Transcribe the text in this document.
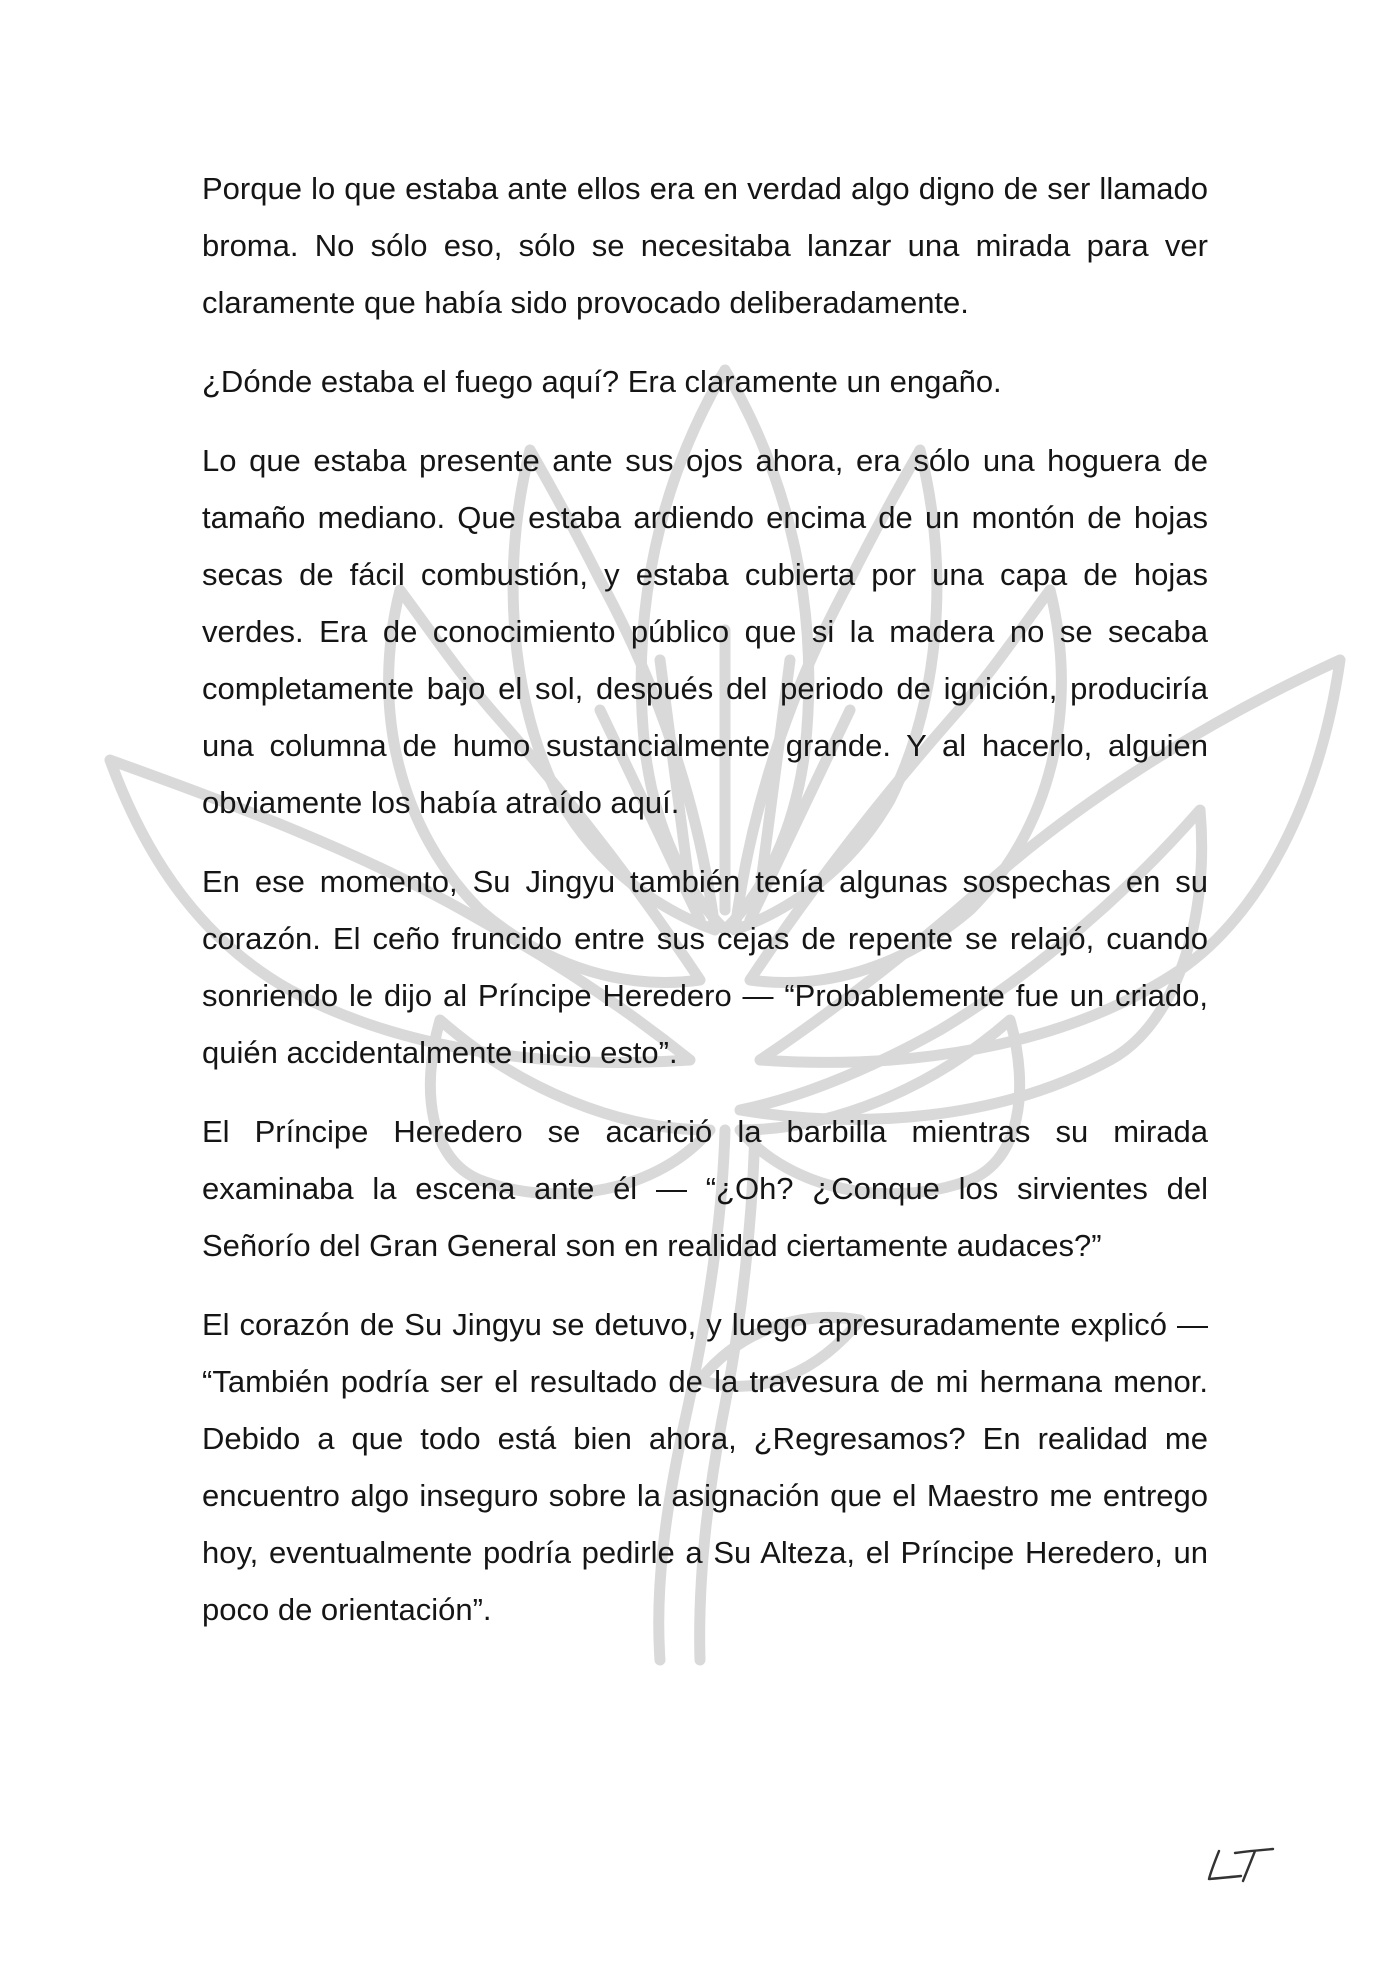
Porque lo que estaba ante ellos era en verdad algo digno de ser llamado broma. No sólo eso, sólo se necesitaba lanzar una mirada para ver claramente que había sido provocado deliberadamente.

¿Dónde estaba el fuego aquí? Era claramente un engaño.

Lo que estaba presente ante sus ojos ahora, era sólo una hoguera de tamaño mediano. Que estaba ardiendo encima de un montón de hojas secas de fácil combustión, y estaba cubierta por una capa de hojas verdes. Era de conocimiento público que si la madera no se secaba completamente bajo el sol, después del periodo de ignición, produciría una columna de humo sustancialmente grande. Y al hacerlo, alguien obviamente los había atraído aquí.

En ese momento, Su Jingyu también tenía algunas sospechas en su corazón. El ceño fruncido entre sus cejas de repente se relajó, cuando sonriendo le dijo al Príncipe Heredero — “Probablemente fue un criado, quién accidentalmente inicio esto”.

El Príncipe Heredero se acarició la barbilla mientras su mirada examinaba la escena ante él — “¿Oh? ¿Conque los sirvientes del Señorío del Gran General son en realidad ciertamente audaces?”

El corazón de Su Jingyu se detuvo, y luego apresuradamente explicó — “También podría ser el resultado de la travesura de mi hermana menor. Debido a que todo está bien ahora, ¿Regresamos? En realidad me encuentro algo inseguro sobre la asignación que el Maestro me entrego hoy, eventualmente podría pedirle a Su Alteza, el Príncipe Heredero, un poco de orientación”.
